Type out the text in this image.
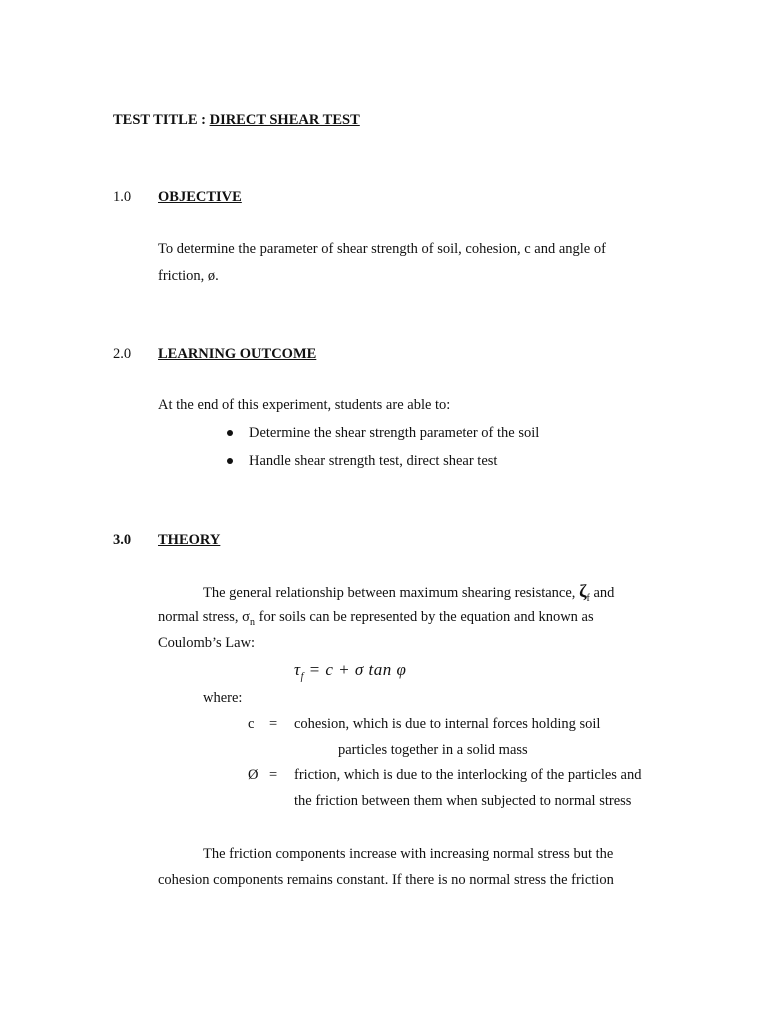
TEST TITLE : DIRECT SHEAR TEST
1.0 OBJECTIVE
To determine the parameter of shear strength of soil, cohesion, c and angle of
friction, ø.
2.0 LEARNING OUTCOME
At the end of this experiment, students are able to:
Determine the shear strength parameter of the soil
Handle shear strength test, direct shear test
3.0 THEORY
The general relationship between maximum shearing resistance, $\zeta_f$ and
normal stress, $\sigma_n$ for soils can be represented by the equation and known as
Coulomb’s Law:
$\tau_f = c + \sigma$ tan φ
where:
c = cohesion, which is due to internal forces holding soil
particles together in a solid mass
Ø = friction, which is due to the interlocking of the particles and
the friction between them when subjected to normal stress
The friction components increase with increasing normal stress but the
cohesion components remains constant. If there is no normal stress the friction
